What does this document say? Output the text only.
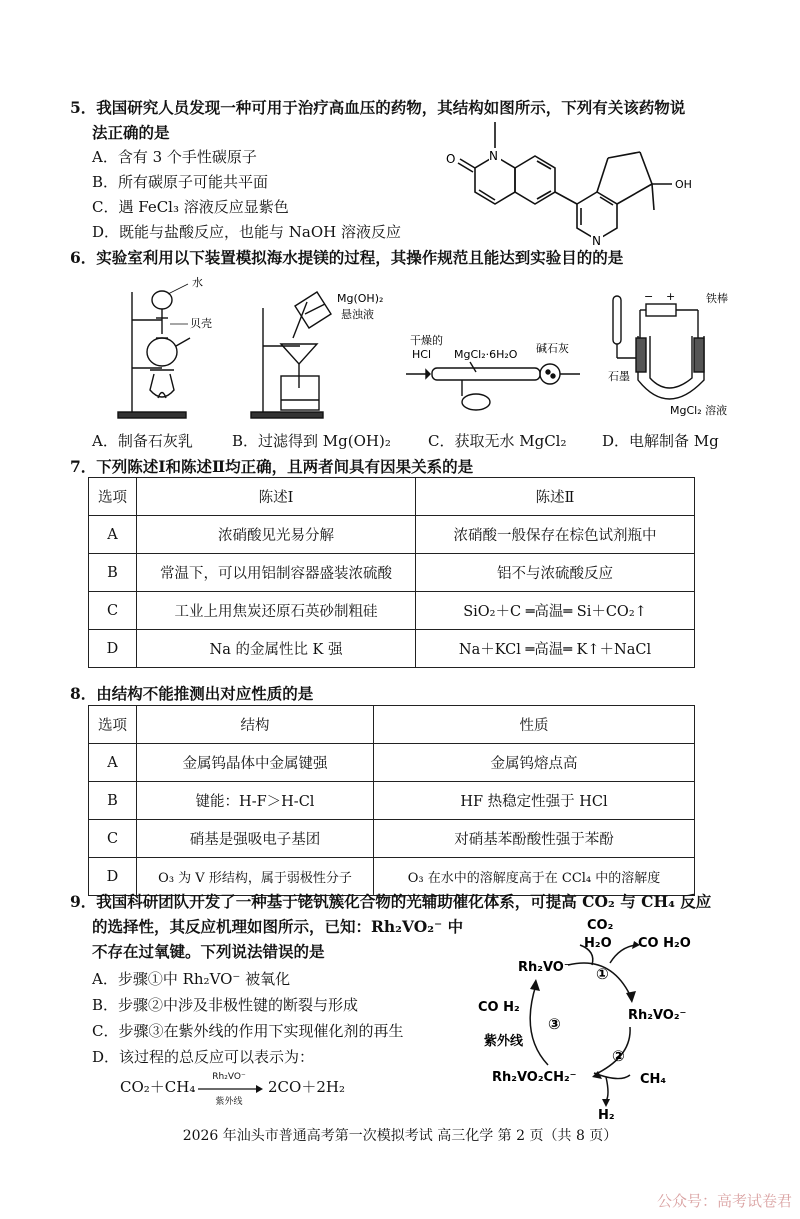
5．我国研究人员发现一种可用于治疗高血压的药物，其结构如图所示，下列有关该药物说
法正确的是
A．含有 3 个手性碳原子
B．所有碳原子可能共平面
C．遇 FeCl₃ 溶液反应显紫色
D．既能与盐酸反应，也能与 NaOH 溶液反应
N
O
OH
N
6．实验室利用以下装置模拟海水提镁的过程，其操作规范且能达到实验目的的是
水
贝壳
Mg(OH)₂
悬浊液
干燥的
HCl MgCl₂·6H₂O 碱石灰
− +	铁棒
石墨
MgCl₂ 溶液
A．制备石灰乳	B．过滤得到 Mg(OH)₂ C．获取无水 MgCl₂ D．电解制备 Mg
7．下列陈述Ⅰ和陈述Ⅱ均正确，且两者间具有因果关系的是
选项	陈述Ⅰ	陈述Ⅱ
A	浓硝酸见光易分解	浓硝酸一般保存在棕色试剂瓶中
B	常温下，可以用铝制容器盛装浓硫酸	铝不与浓硫酸反应
C	工业上用焦炭还原石英砂制粗硅	SiO₂＋C ═高温═ Si＋CO₂↑
D	Na 的金属性比 K 强	Na＋KCl ═高温═ K↑＋NaCl
8．由结构不能推测出对应性质的是
选项	结构	性质
A	金属钨晶体中金属键强	金属钨熔点高
B	键能：H-F＞H-Cl	HF 热稳定性强于 HCl
C	硝基是强吸电子基团	对硝基苯酚酸性强于苯酚
D	O₃ 为 V 形结构，属于弱极性分子	O₃ 在水中的溶解度高于在 CCl₄ 中的溶解度
9．我国科研团队开发了一种基于铑钒簇化合物的光辅助催化体系，可提高 CO₂ 与 CH₄ 反应
的选择性，其反应机理如图所示，已知：Rh₂VO₂⁻ 中
不存在过氧键。下列说法错误的是
A．步骤①中 Rh₂VO⁻ 被氧化
B．步骤②中涉及非极性键的断裂与形成
C．步骤③在紫外线的作用下实现催化剂的再生
D．该过程的总反应可以表示为：
CO₂＋CH₄
Rh₂VO⁻
紫外线
2CO＋2H₂
CO₂
H₂O CO H₂O
Rh₂VO⁻ ①
Rh₂VO₂⁻
CO H₂
③
紫外线
②
Rh₂VO₂CH₂⁻	CH₄
H₂
2026 年汕头市普通高考第一次模拟考试 高三化学 第 2 页（共 8 页）
公众号：高考试卷君
